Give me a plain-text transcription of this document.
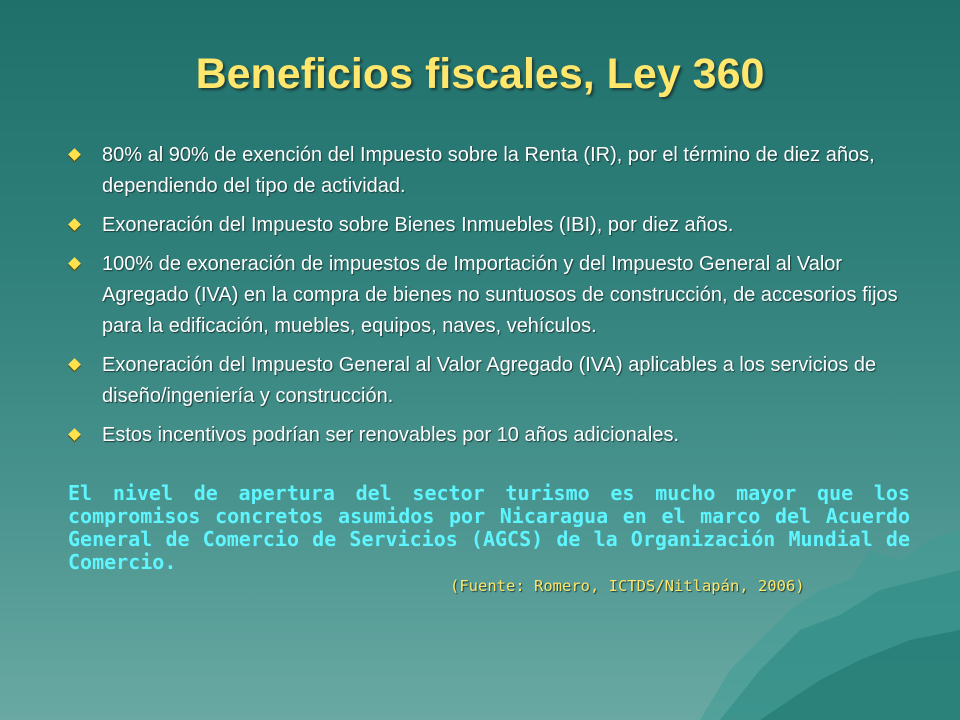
Beneficios fiscales, Ley 360
80% al 90% de exención del Impuesto sobre la Renta (IR), por el término de diez años, dependiendo del tipo de actividad.
Exoneración del Impuesto sobre Bienes Inmuebles (IBI), por diez años.
100% de exoneración de impuestos de Importación y del Impuesto General al Valor Agregado (IVA) en la compra de bienes no suntuosos de construcción, de accesorios fijos para la edificación, muebles, equipos, naves, vehículos.
Exoneración del Impuesto General al Valor Agregado (IVA) aplicables a los servicios de diseño/ingeniería y construcción.
Estos incentivos podrían ser renovables por 10 años adicionales.

El nivel de apertura del sector turismo es mucho mayor que los compromisos concretos asumidos por Nicaragua en el marco del Acuerdo General de Comercio de Servicios (AGCS) de la Organización Mundial de Comercio.

(Fuente: Romero, ICTDS/Nitlapán, 2006)
